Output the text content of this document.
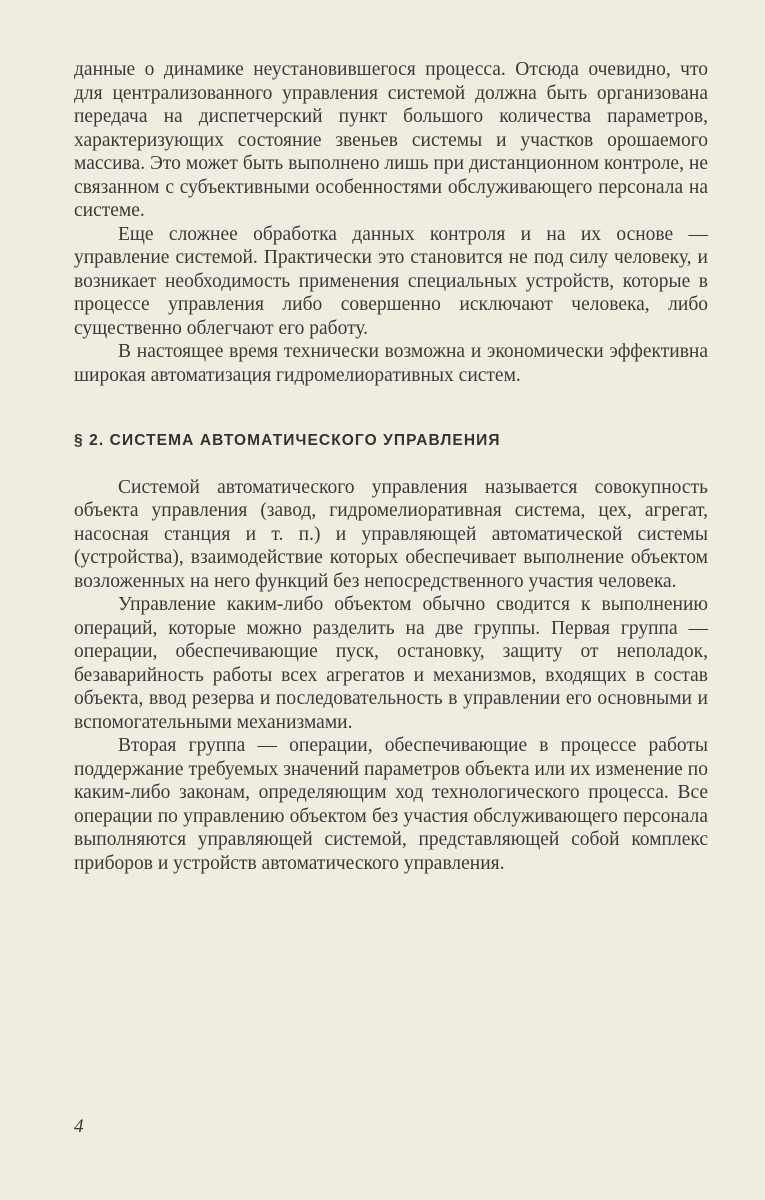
данные о динамике неустановившегося процесса. Отсюда очевидно, что для централизованного управления системой должна быть организована передача на диспетчерский пункт большого количества параметров, характеризующих состояние звеньев системы и участков орошаемого массива. Это может быть выполнено лишь при дистанционном контроле, не связанном с субъективными особенностями обслуживающего персонала на системе.

Еще сложнее обработка данных контроля и на их основе — управление системой. Практически это становится не под силу человеку, и возникает необходимость применения специальных устройств, которые в процессе управления либо совершенно исключают человека, либо существенно облегчают его работу.

В настоящее время технически возможна и экономически эффективна широкая автоматизация гидромелиоративных систем.

§ 2. СИСТЕМА АВТОМАТИЧЕСКОГО УПРАВЛЕНИЯ

Системой автоматического управления называется совокупность объекта управления (завод, гидромелиоративная система, цех, агрегат, насосная станция и т. п.) и управляющей автоматической системы (устройства), взаимодействие которых обеспечивает выполнение объектом возложенных на него функций без непосредственного участия человека.

Управление каким-либо объектом обычно сводится к выполнению операций, которые можно разделить на две группы. Первая группа — операции, обеспечивающие пуск, остановку, защиту от неполадок, безаварийность работы всех агрегатов и механизмов, входящих в состав объекта, ввод резерва и последовательность в управлении его основными и вспомогательными механизмами.

Вторая группа — операции, обеспечивающие в процессе работы поддержание требуемых значений параметров объекта или их изменение по каким-либо законам, определяющим ход технологического процесса. Все операции по управлению объектом без участия обслуживающего персонала выполняются управляющей системой, представляющей собой комплекс приборов и устройств автоматического управления.

4
